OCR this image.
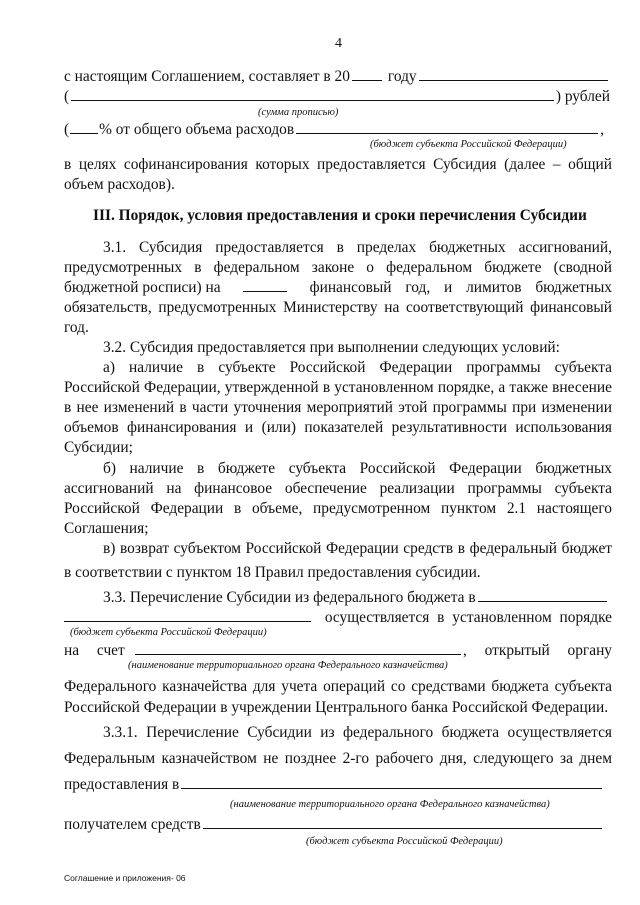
4
с настоящим Соглашением, составляет в 20 году
(	) рублей
(сумма прописью)
( % от общего объема расходов	,
(бюджет субъекта Российской Федерации)
в целях софинансирования которых предоставляется Субсидия (далее – общий
объем расходов).
III. Порядок, условия предоставления и сроки перечисления Субсидии
3.1. Субсидия предоставляется в пределах бюджетных ассигнований,
предусмотренных в федеральном законе о федеральном бюджете (сводной
бюджетной росписи) на	финансовый год, и лимитов бюджетных
обязательств, предусмотренных Министерству на соответствующий финансовый
год.
3.2. Субсидия предоставляется при выполнении следующих условий:
а) наличие в субъекте Российской Федерации программы субъекта
Российской Федерации, утвержденной в установленном порядке, а также внесение
в нее изменений в части уточнения мероприятий этой программы при изменении
объемов финансирования и (или) показателей результативности использования
Субсидии;
б) наличие в бюджете субъекта Российской Федерации бюджетных
ассигнований на финансовое обеспечение реализации программы субъекта
Российской Федерации в объеме, предусмотренном пунктом 2.1 настоящего
Соглашения;
в) возврат субъектом Российской Федерации средств в федеральный бюджет
в соответствии с пунктом 18 Правил предоставления субсидии.
3.3. Перечисление Субсидии из федерального бюджета в
осуществляется в установленном порядке
(бюджет субъекта Российской Федерации)
на счет	, открытый органу
(наименование территориального органа Федерального казначейства)
Федерального казначейства для учета операций со средствами бюджета субъекта
Российской Федерации в учреждении Центрального банка Российской Федерации.
3.3.1. Перечисление Субсидии из федерального бюджета осуществляется
Федеральным казначейством не позднее 2-го рабочего дня, следующего за днем
предоставления в
(наименование территориального органа Федерального казначейства)
получателем средств
(бюджет субъекта Российской Федерации)
Соглашение и приложения- 06
